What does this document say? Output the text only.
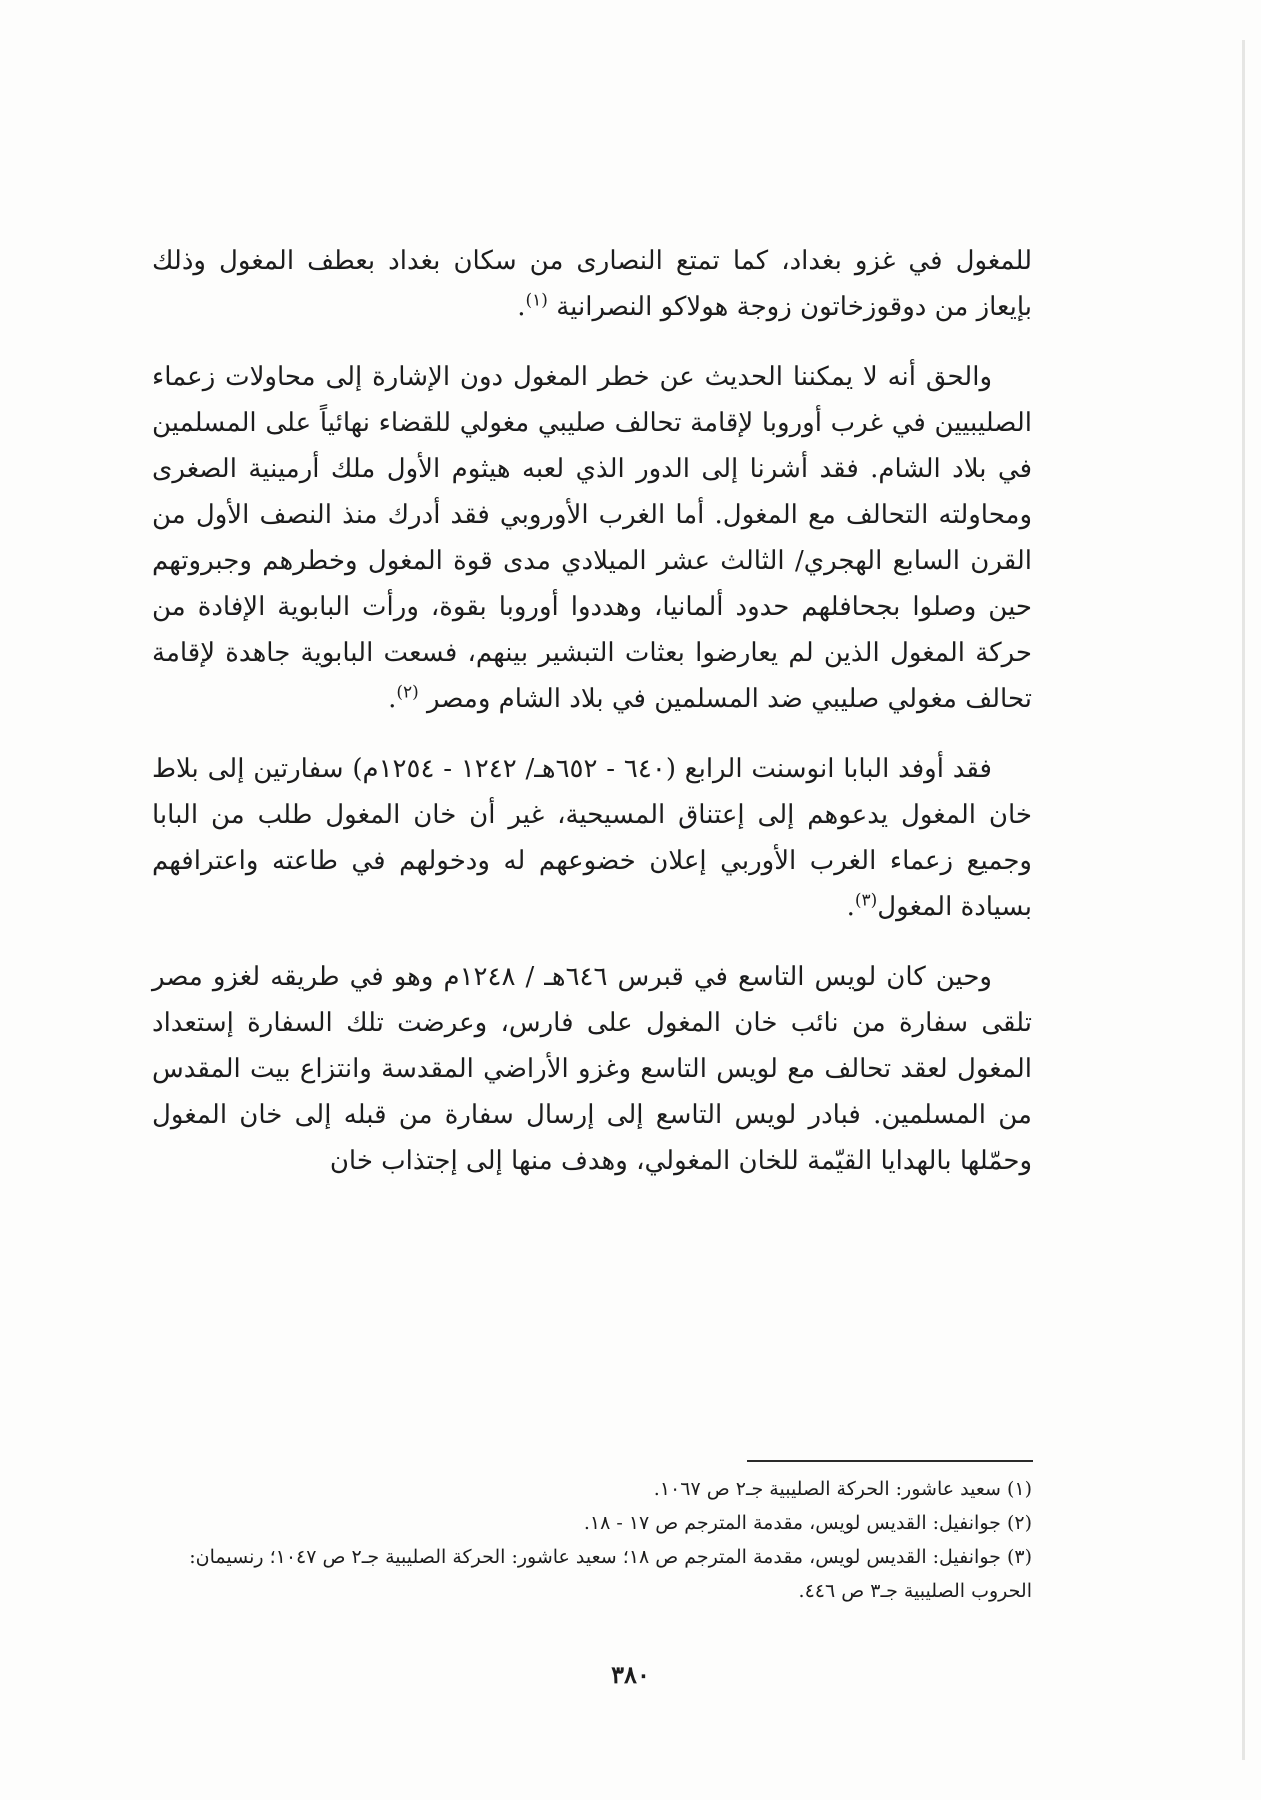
للمغول في غزو بغداد، كما تمتع النصارى من سكان بغداد بعطف المغول وذلك بإيعاز من دوقوزخاتون زوجة هولاكو النصرانية $^{(١)}$.

والحق أنه لا يمكننا الحديث عن خطر المغول دون الإشارة إلى محاولات زعماء الصليبيين في غرب أوروبا لإقامة تحالف صليبي مغولي للقضاء نهائياً على المسلمين في بلاد الشام. فقد أشرنا إلى الدور الذي لعبه هيثوم الأول ملك أرمينية الصغرى ومحاولته التحالف مع المغول. أما الغرب الأوروبي فقد أدرك منذ النصف الأول من القرن السابع الهجري/ الثالث عشر الميلادي مدى قوة المغول وخطرهم وجبروتهم حين وصلوا بجحافلهم حدود ألمانيا، وهددوا أوروبا بقوة، ورأت البابوية الإفادة من حركة المغول الذين لم يعارضوا بعثات التبشير بينهم، فسعت البابوية جاهدة لإقامة تحالف مغولي صليبي ضد المسلمين في بلاد الشام ومصر $^{(٢)}$.

فقد أوفد البابا انوسنت الرابع (٦٤٠ - ٦٥٢هـ/ ١٢٤٢ - ١٢٥٤م) سفارتين إلى بلاط خان المغول يدعوهم إلى إعتناق المسيحية، غير أن خان المغول طلب من البابا وجميع زعماء الغرب الأوربي إعلان خضوعهم له ودخولهم في طاعته واعترافهم بسيادة المغول$^{(٣)}$.

وحين كان لويس التاسع في قبرس ٦٤٦هـ / ١٢٤٨م وهو في طريقه لغزو مصر تلقى سفارة من نائب خان المغول على فارس، وعرضت تلك السفارة إستعداد المغول لعقد تحالف مع لويس التاسع وغزو الأراضي المقدسة وانتزاع بيت المقدس من المسلمين. فبادر لويس التاسع إلى إرسال سفارة من قبله إلى خان المغول وحمّلها بالهدايا القيّمة للخان المغولي، وهدف منها إلى إجتذاب خان

(١) سعيد عاشور: الحركة الصليبية جـ٢ ص ١٠٦٧.

(٢) جوانفيل: القديس لويس، مقدمة المترجم ص ١٧ - ١٨.

(٣) جوانفيل: القديس لويس، مقدمة المترجم ص ١٨؛ سعيد عاشور: الحركة الصليبية جـ٢ ص ١٠٤٧؛ رنسيمان: الحروب الصليبية جـ٣ ص ٤٤٦.

٣٨٠
